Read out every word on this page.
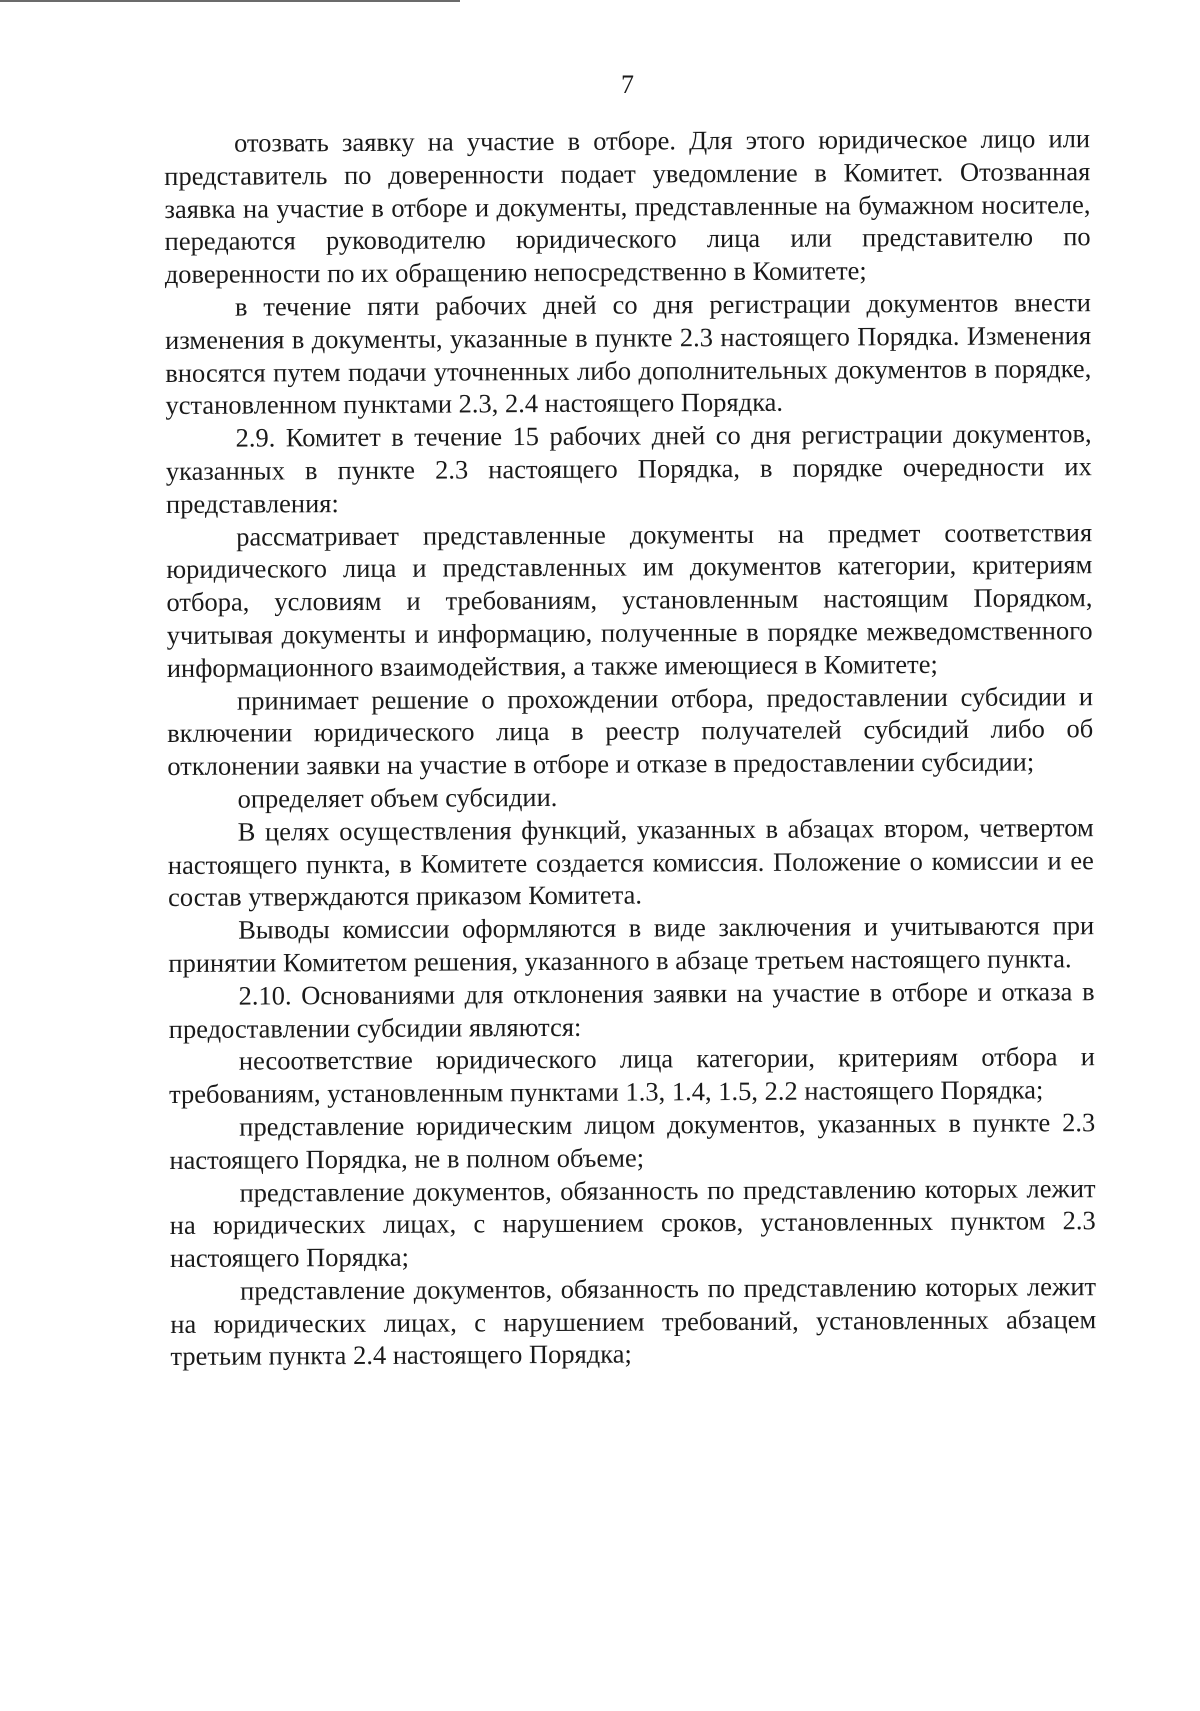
7

отозвать заявку на участие в отборе. Для этого юридическое лицо или представитель по доверенности подает уведомление в Комитет. Отозванная заявка на участие в отборе и документы, представленные на бумажном носителе, передаются руководителю юридического лица или представителю по доверенности по их обращению непосредственно в Комитете;

в течение пяти рабочих дней со дня регистрации документов внести изменения в документы, указанные в пункте 2.3 настоящего Порядка. Изменения вносятся путем подачи уточненных либо дополнительных документов в порядке, установленном пунктами 2.3, 2.4 настоящего Порядка.

2.9. Комитет в течение 15 рабочих дней со дня регистрации документов, указанных в пункте 2.3 настоящего Порядка, в порядке очередности их представления:

рассматривает представленные документы на предмет соответствия юридического лица и представленных им документов категории, критериям отбора, условиям и требованиям, установленным настоящим Порядком, учитывая документы и информацию, полученные в порядке межведомственного информационного взаимодействия, а также имеющиеся в Комитете;

принимает решение о прохождении отбора, предоставлении субсидии и включении юридического лица в реестр получателей субсидий либо об отклонении заявки на участие в отборе и отказе в предоставлении субсидии;

определяет объем субсидии.

В целях осуществления функций, указанных в абзацах втором, четвертом настоящего пункта, в Комитете создается комиссия. Положение о комиссии и ее состав утверждаются приказом Комитета.

Выводы комиссии оформляются в виде заключения и учитываются при принятии Комитетом решения, указанного в абзаце третьем настоящего пункта.

2.10. Основаниями для отклонения заявки на участие в отборе и отказа в предоставлении субсидии являются:

несоответствие юридического лица категории, критериям отбора и требованиям, установленным пунктами 1.3, 1.4, 1.5, 2.2 настоящего Порядка;

представление юридическим лицом документов, указанных в пункте 2.3 настоящего Порядка, не в полном объеме;

представление документов, обязанность по представлению которых лежит на юридических лицах, с нарушением сроков, установленных пунктом 2.3 настоящего Порядка;

представление документов, обязанность по представлению которых лежит на юридических лицах, с нарушением требований, установленных абзацем третьим пункта 2.4 настоящего Порядка;
